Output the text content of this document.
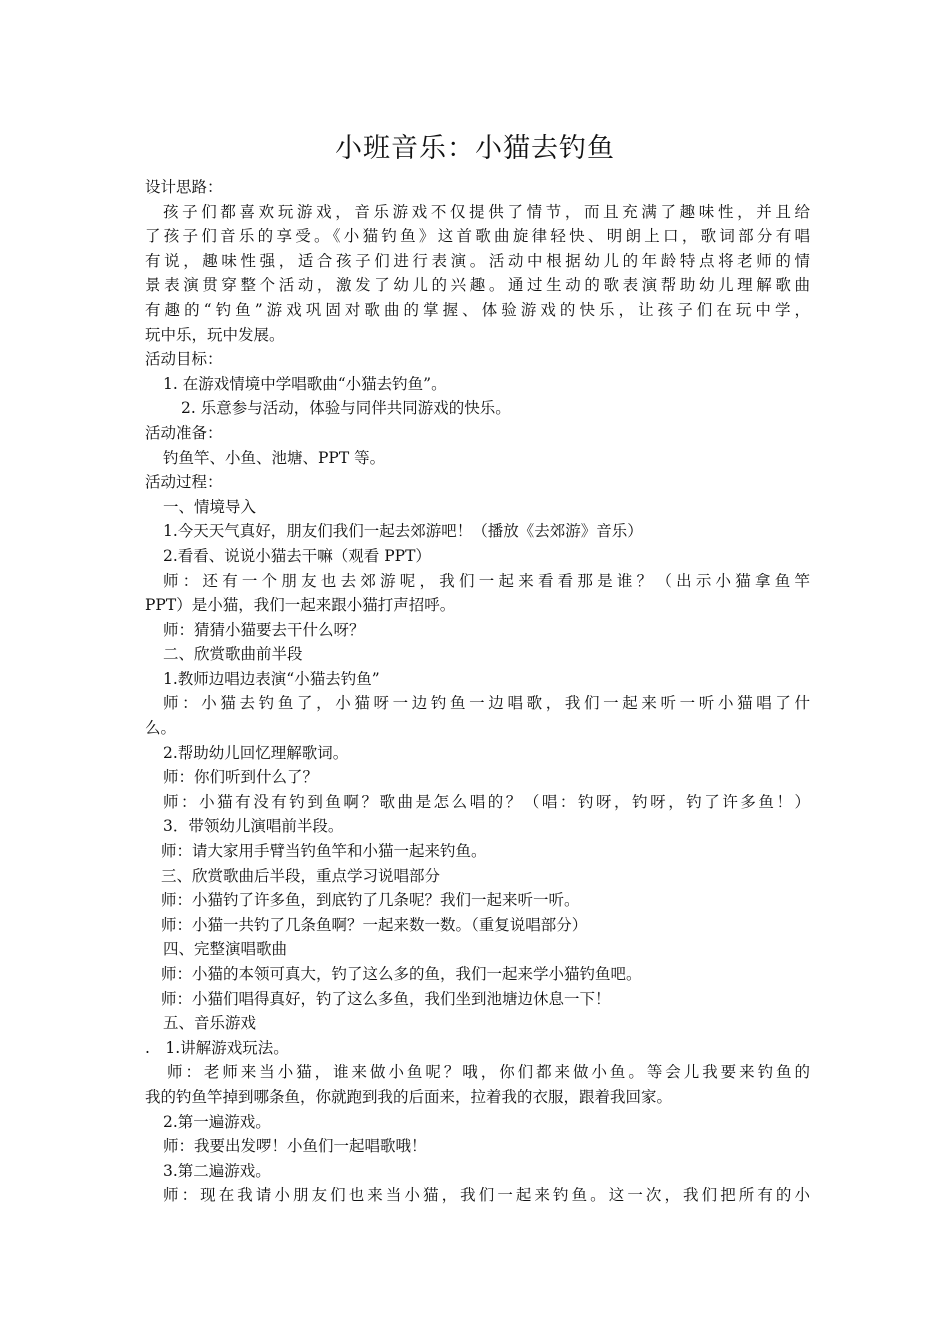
小班音乐：小猫去钓鱼
设计思路：
孩子们都喜欢玩游戏，音乐游戏不仅提供了情节，而且充满了趣味性，并且给
了孩子们音乐的享受。《小猫钓鱼》这首歌曲旋律轻快、明朗上口，歌词部分有唱
有说，趣味性强，适合孩子们进行表演。活动中根据幼儿的年龄特点将老师的情
景表演贯穿整个活动，激发了幼儿的兴趣。通过生动的歌表演帮助幼儿理解歌曲
有趣的“钓鱼”游戏巩固对歌曲的掌握、体验游戏的快乐，让孩子们在玩中学，
玩中乐，玩中发展。
活动目标：
1. 在游戏情境中学唱歌曲“小猫去钓鱼”。
2. 乐意参与活动，体验与同伴共同游戏的快乐。
活动准备：
钓鱼竿、小鱼、池塘、PPT 等。
活动过程：
一、情境导入
1.今天天气真好，朋友们我们一起去郊游吧！（播放《去郊游》音乐）
2.看看、说说小猫去干嘛（观看 PPT）
师：还有一个朋友也去郊游呢，我们一起来看看那是谁？（出示小猫拿鱼竿
PPT）是小猫，我们一起来跟小猫打声招呼。
师：猜猜小猫要去干什么呀？
二、欣赏歌曲前半段
1.教师边唱边表演“小猫去钓鱼”
师：小猫去钓鱼了，小猫呀一边钓鱼一边唱歌，我们一起来听一听小猫唱了什
么。
2.帮助幼儿回忆理解歌词。
师：你们听到什么了？
师：小猫有没有钓到鱼啊？歌曲是怎么唱的？（唱：钓呀，钓呀，钓了许多鱼！）
3．带领幼儿演唱前半段。
师：请大家用手臂当钓鱼竿和小猫一起来钓鱼。
三、欣赏歌曲后半段，重点学习说唱部分
师：小猫钓了许多鱼，到底钓了几条呢？我们一起来听一听。
师：小猫一共钓了几条鱼啊？一起来数一数。（重复说唱部分）
四、完整演唱歌曲
师：小猫的本领可真大，钓了这么多的鱼，我们一起来学小猫钓鱼吧。
师：小猫们唱得真好，钓了这么多鱼，我们坐到池塘边休息一下！
五、音乐游戏
.　1.讲解游戏玩法。
师：老师来当小猫，谁来做小鱼呢？哦，你们都来做小鱼。等会儿我要来钓鱼的
我的钓鱼竿掉到哪条鱼，你就跑到我的后面来，拉着我的衣服，跟着我回家。
2.第一遍游戏。
师：我要出发啰！小鱼们一起唱歌哦！
3.第二遍游戏。
师：现在我请小朋友们也来当小猫，我们一起来钓鱼。这一次，我们把所有的小
